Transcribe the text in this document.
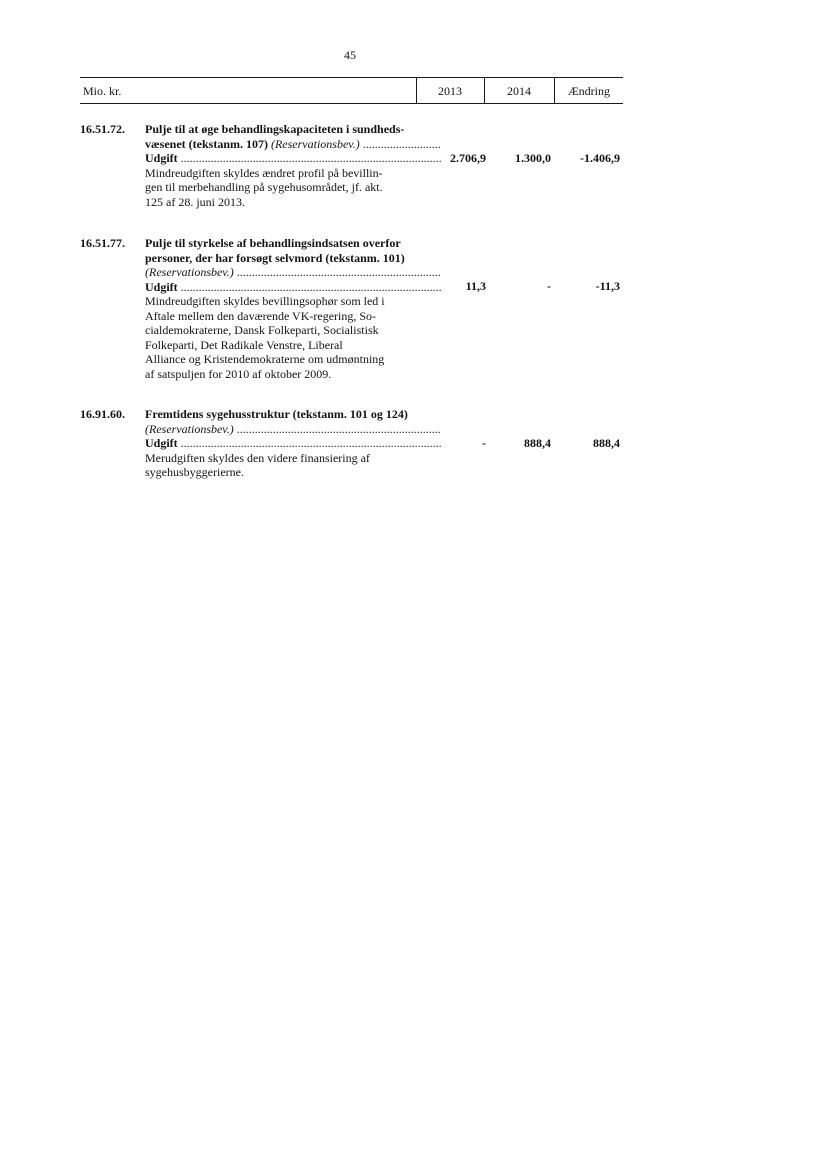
45
Mio. kr.	2013	2014	Ændring
16.51.72. Pulje til at øge behandlingskapaciteten i sundheds-
væsenet (tekstanm. 107) (Reservationsbev.) .....
Udgift .....
Mindreudgiften skyldes ændret profil på bevillin-
gen til merbehandling på sygehusområdet, jf. akt.
125 af 28. juni 2013.
2.706,9 1.300,0 -1.406,9
16.51.77. Pulje til styrkelse af behandlingsindsatsen overfor
personer, der har forsøgt selvmord (tekstanm. 101)
(Reservationsbev.) .....
Udgift .....
Mindreudgiften skyldes bevillingsophør som led i
Aftale mellem den daværende VK-regering, So-
cialdemokraterne, Dansk Folkeparti, Socialistisk
Folkeparti, Det Radikale Venstre, Liberal
Alliance og Kristendemokraterne om udmøntning
af satspuljen for 2010 af oktober 2009.
11,3	-	-11,3
16.91.60. Fremtidens sygehusstruktur (tekstanm. 101 og 124)
(Reservationsbev.) .....
Udgift .....
Merudgiften skyldes den videre finansiering af
sygehusbyggerierne.
-	888,4	888,4
